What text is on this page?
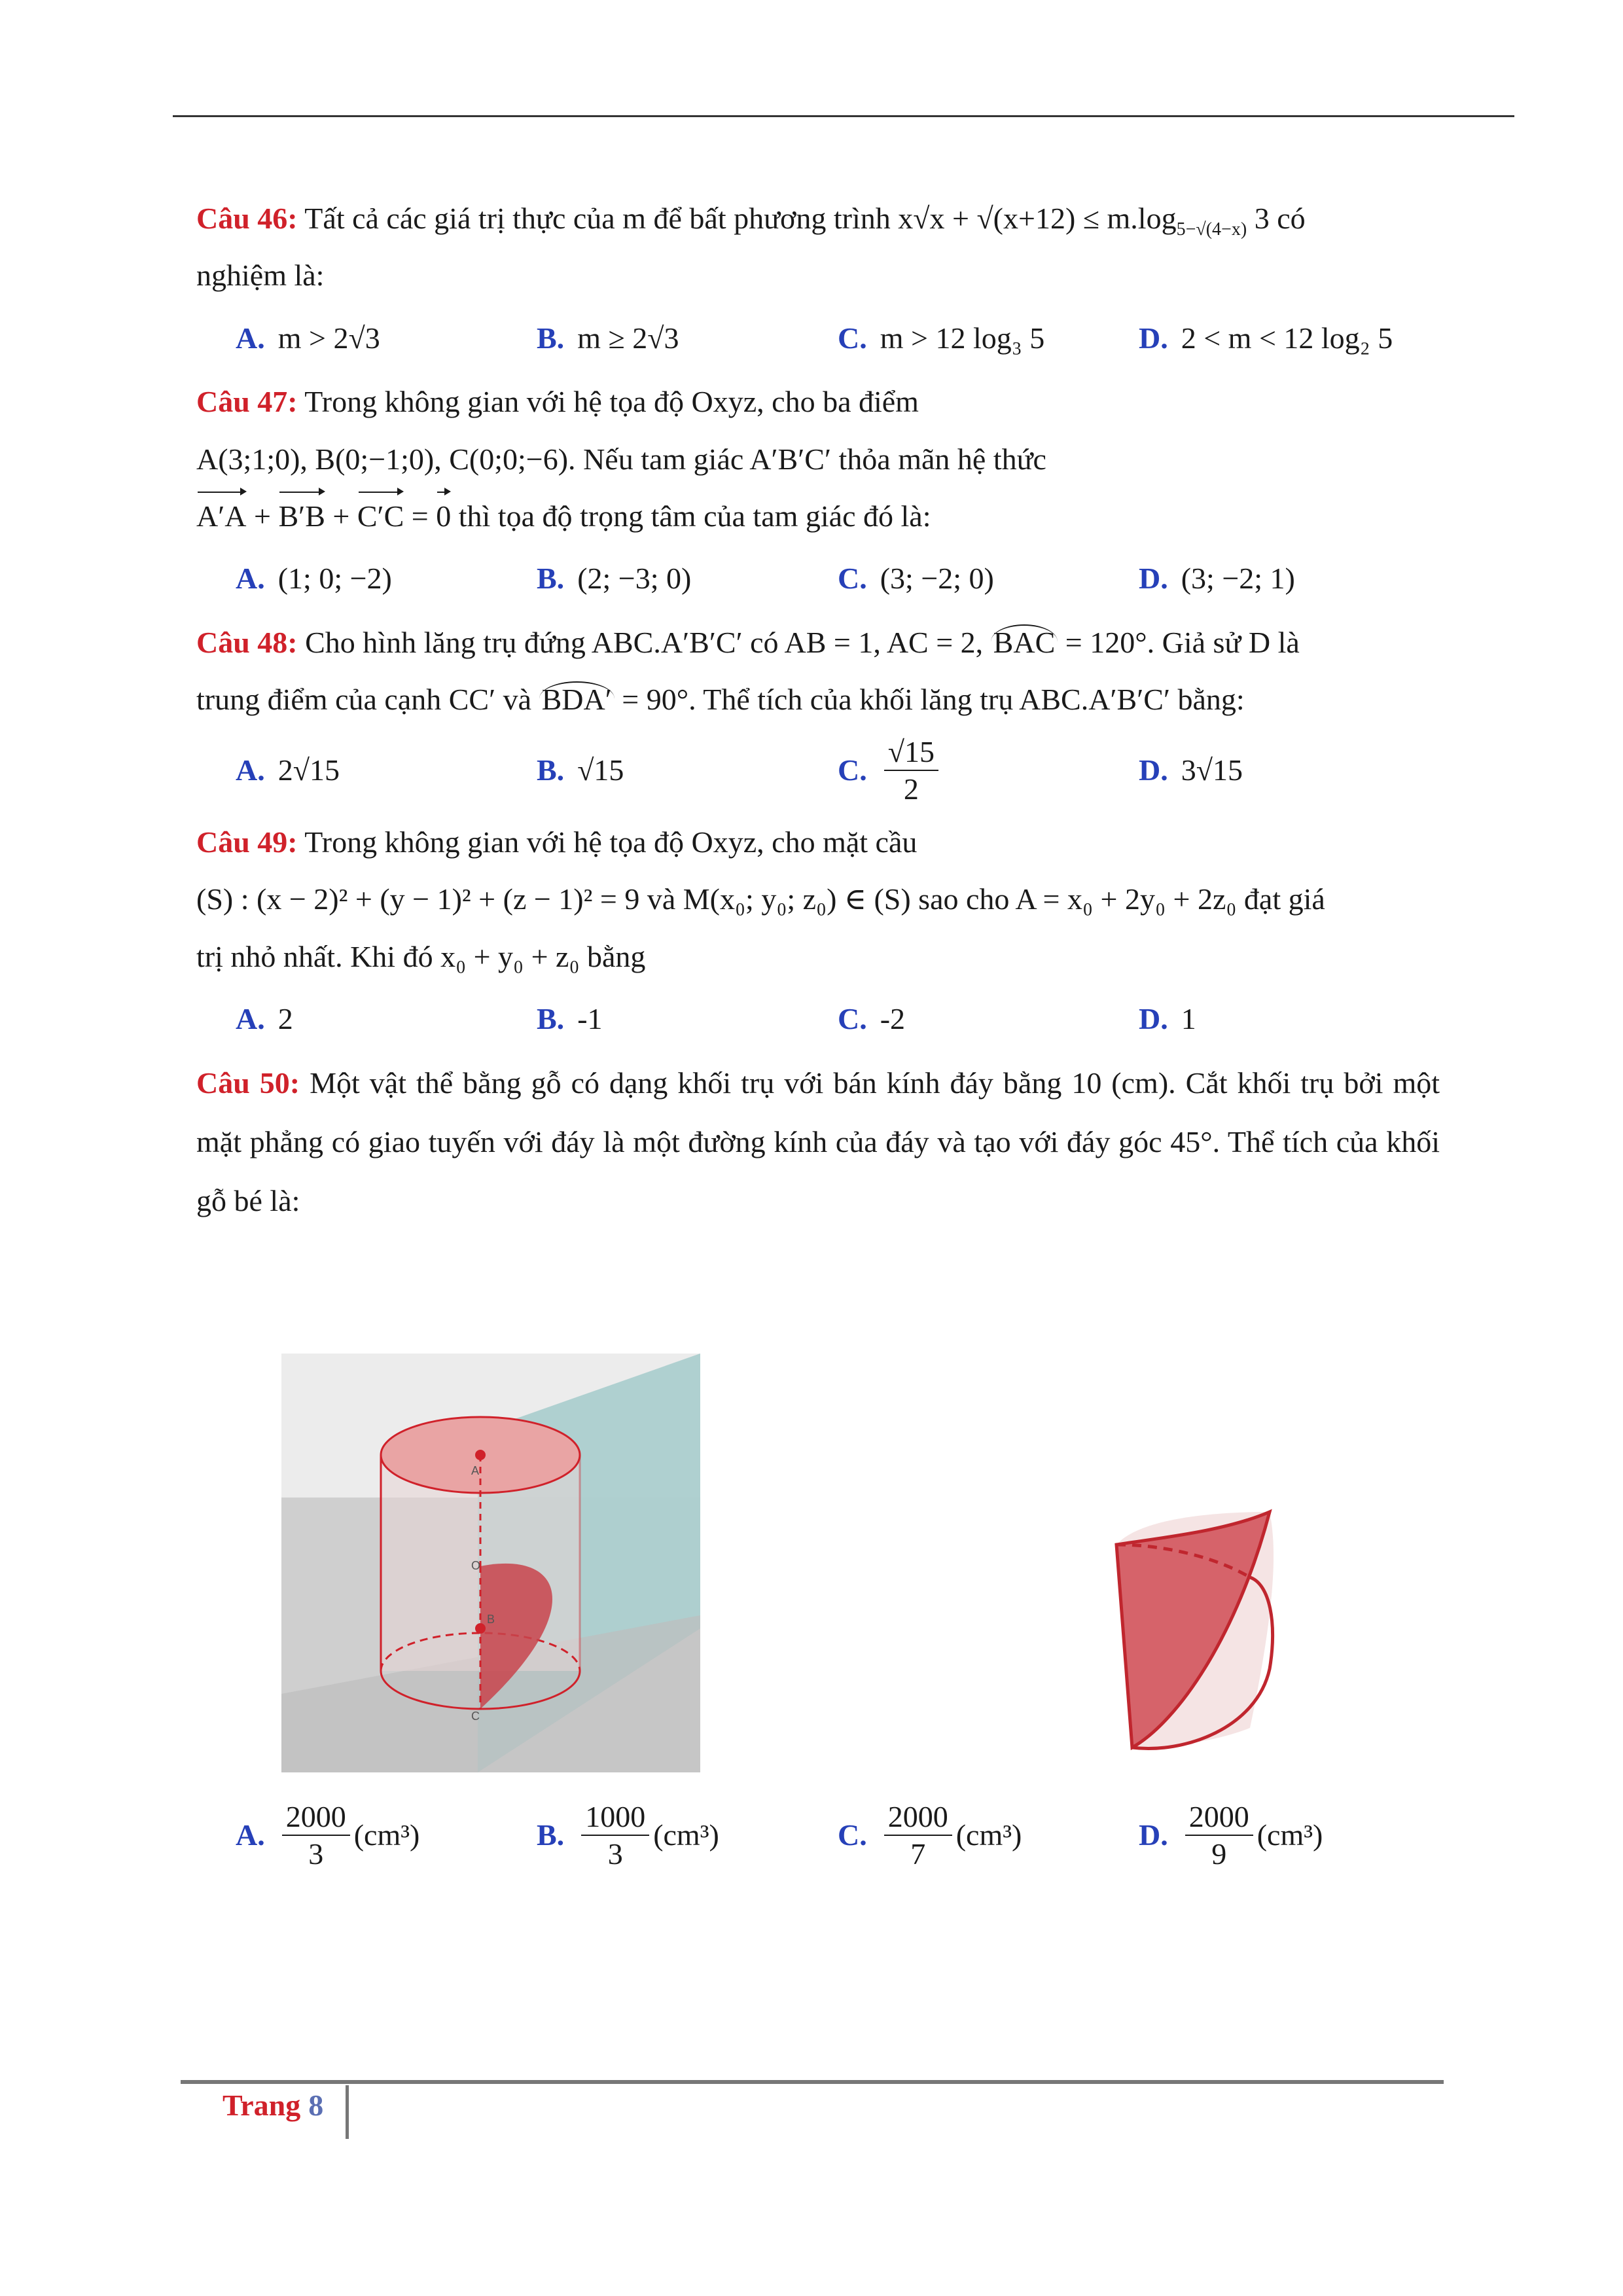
Câu 46: Tất cả các giá trị thực của m để bất phương trình $x√x + √(x+12) \le m.\log_{5-√(4-x)}$ 3 có
nghiệm là:

A. m > 2√3	B. m ≥ 2√3	C. m > 12 log₃ 5	D. 2 < m < 12 log₂ 5

Câu 47: Trong không gian với hệ tọa độ Oxyz, cho ba điểm
A(3;1;0), B(0;−1;0), C(0;0;−6). Nếu tam giác A′B′C′ thỏa mãn hệ thức
A′A + B′B + C′C = 0 thì tọa độ trọng tâm của tam giác đó là:

A. (1; 0; −2)	B. (2; −3; 0)	C. (3; −2; 0)	D. (3; −2; 1)

Câu 48: Cho hình lăng trụ đứng ABC.A′B′C′ có AB = 1, AC = 2, BAC = 120°. Giả sử D là
trung điểm của cạnh CC′ và BDA′ = 90°. Thể tích của khối lăng trụ ABC.A′B′C′ bằng:

A. 2√15	B. √15	C. $\frac{√15}{2}$	D. 3√15

Câu 49: Trong không gian với hệ tọa độ Oxyz, cho mặt cầu
(S) : (x − 2)² + (y − 1)² + (z − 1)² = 9 và M(x₀; y₀; z₀) ∈ (S) sao cho A = x₀ + 2y₀ + 2z₀ đạt giá
trị nhỏ nhất. Khi đó x₀ + y₀ + z₀ bằng

A. 2	B. -1	C. -2	D. 1

Câu 50: Một vật thể bằng gỗ có dạng khối trụ với bán kính đáy bằng 10 (cm). Cắt khối trụ bởi một mặt phẳng có giao tuyến với đáy là một đường kính của đáy và tạo với đáy góc 45°. Thể tích của khối gỗ bé là:

A
O
B
C
A. $\frac{2000}{3} (cm^3)$	B. $\frac{1000}{3} (cm^3)$	C. $\frac{2000}{7} (cm^3)$	D. $\frac{2000}{9} (cm^3)$
Trang 8
